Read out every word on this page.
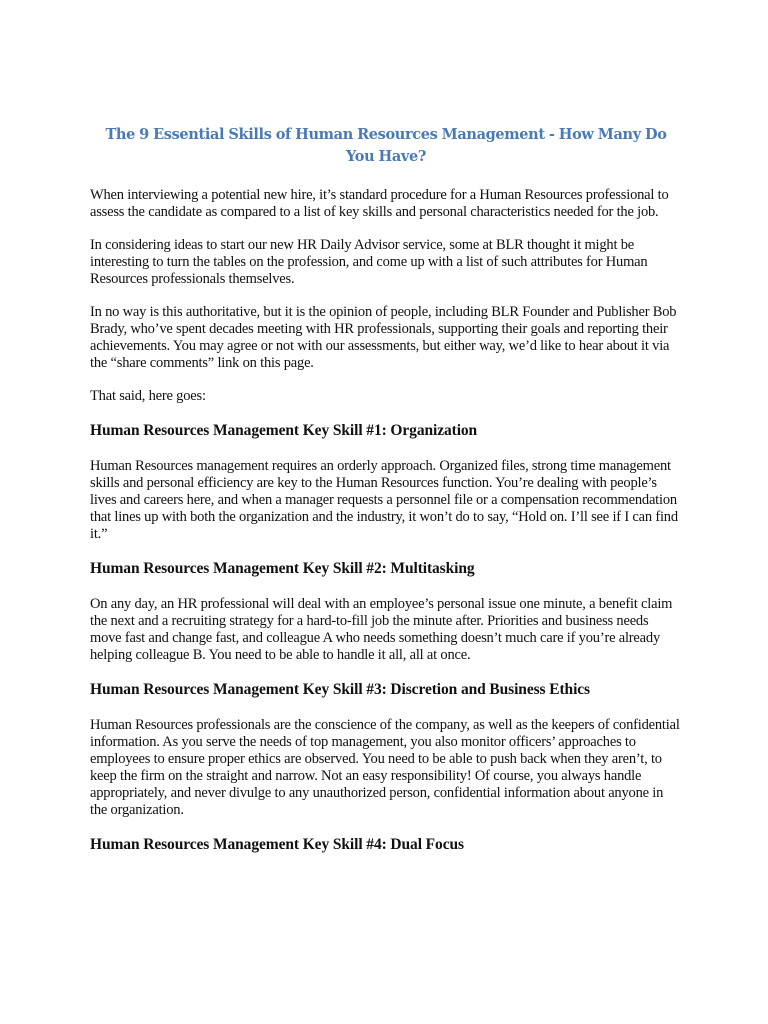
The 9 Essential Skills of Human Resources Management - How Many Do You Have?

When interviewing a potential new hire, it’s standard procedure for a Human Resources professional to assess the candidate as compared to a list of key skills and personal characteristics needed for the job.

In considering ideas to start our new HR Daily Advisor service, some at BLR thought it might be interesting to turn the tables on the profession, and come up with a list of such attributes for Human Resources professionals themselves.

In no way is this authoritative, but it is the opinion of people, including BLR Founder and Publisher Bob Brady, who’ve spent decades meeting with HR professionals, supporting their goals and reporting their achievements. You may agree or not with our assessments, but either way, we’d like to hear about it via the “share comments” link on this page.

That said, here goes:

Human Resources Management Key Skill #1: Organization

Human Resources management requires an orderly approach. Organized files, strong time management skills and personal efficiency are key to the Human Resources function. You’re dealing with people’s lives and careers here, and when a manager requests a personnel file or a compensation recommendation that lines up with both the organization and the industry, it won’t do to say, “Hold on. I’ll see if I can find it.”

Human Resources Management Key Skill #2: Multitasking

On any day, an HR professional will deal with an employee’s personal issue one minute, a benefit claim the next and a recruiting strategy for a hard-to-fill job the minute after. Priorities and business needs move fast and change fast, and colleague A who needs something doesn’t much care if you’re already helping colleague B. You need to be able to handle it all, all at once.

Human Resources Management Key Skill #3: Discretion and Business Ethics

Human Resources professionals are the conscience of the company, as well as the keepers of confidential information. As you serve the needs of top management, you also monitor officers’ approaches to employees to ensure proper ethics are observed. You need to be able to push back when they aren’t, to keep the firm on the straight and narrow. Not an easy responsibility! Of course, you always handle appropriately, and never divulge to any unauthorized person, confidential information about anyone in the organization.

Human Resources Management Key Skill #4: Dual Focus
